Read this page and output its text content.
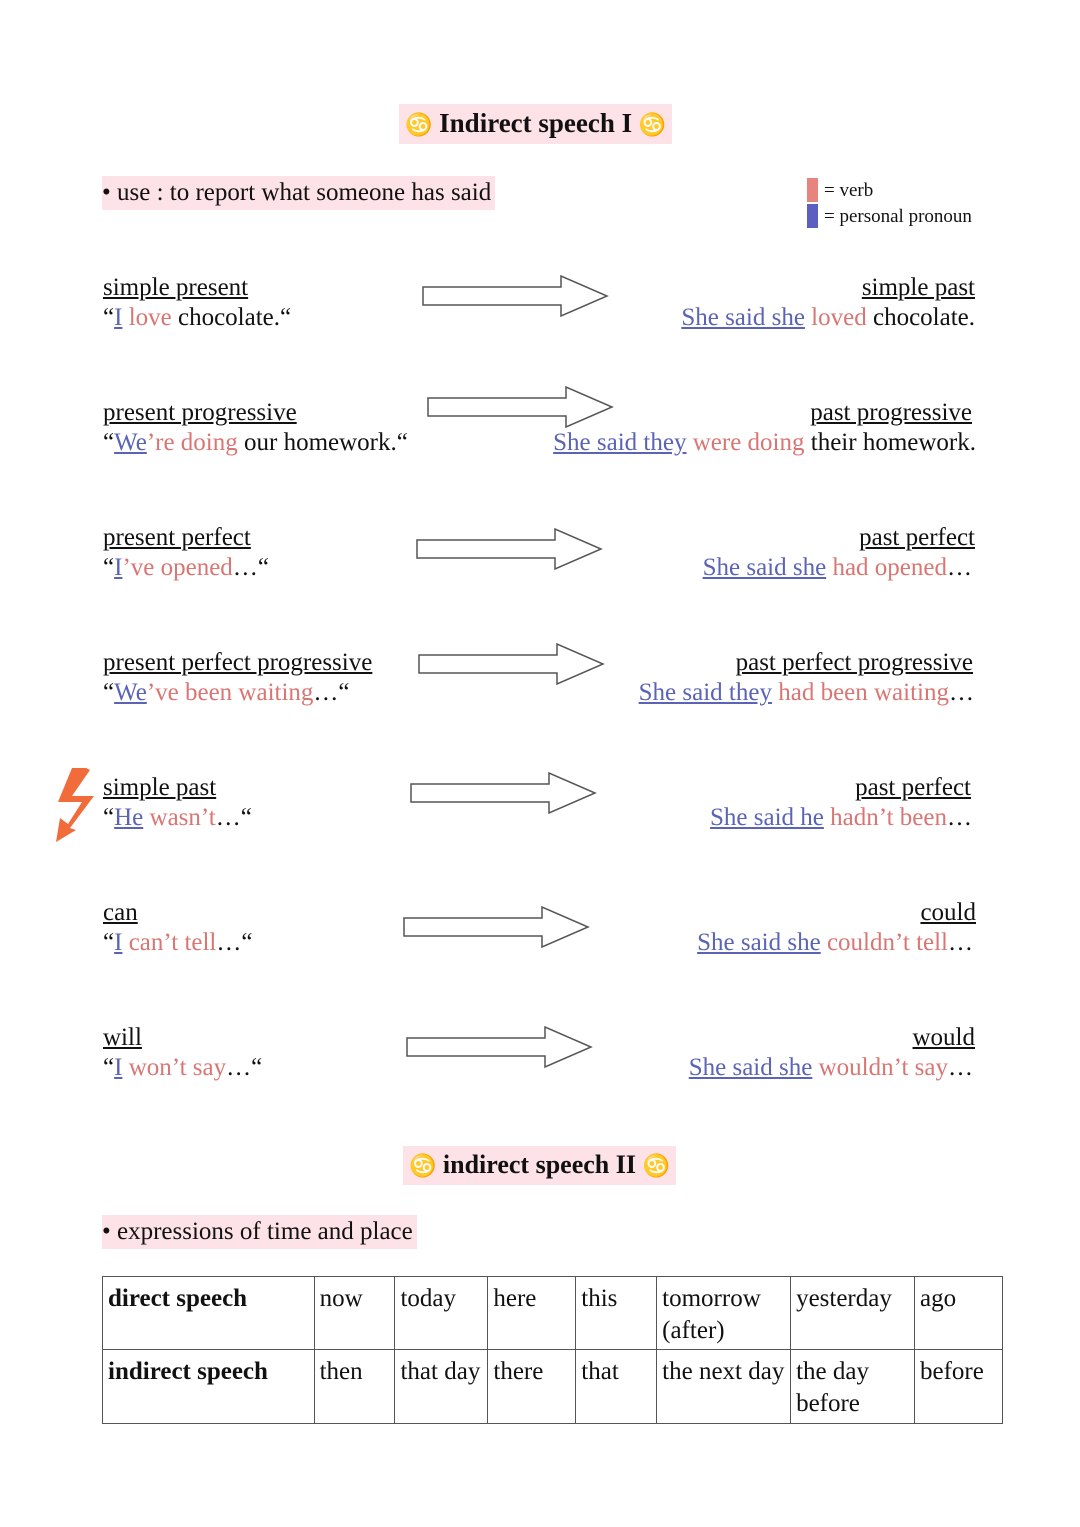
♋ Indirect speech I ♋
• use : to report what someone has said	= verb
= personal pronoun
simple present
“I love chocolate.“
simple past
She said she loved chocolate.
present progressive
“We’re doing our homework.“
past progressive
She said they were doing their homework.
present perfect
“I’ve opened…“
past perfect
She said she had opened…
present perfect progressive
“We’ve been waiting…“
past perfect progressive
She said they had been waiting…
simple past
“He wasn’t…“
past perfect
She said he hadn’t been…
can
“I can’t tell…“
could
She said she couldn’t tell…
will
“I won’t say…“
would
She said she wouldn’t say…
♋ indirect speech II ♋
• expressions of time and place
direct speech	now	today	here	this	tomorrow (after)	yesterday	ago
indirect speech	then	that day	there	that	the next day	the day before	before
